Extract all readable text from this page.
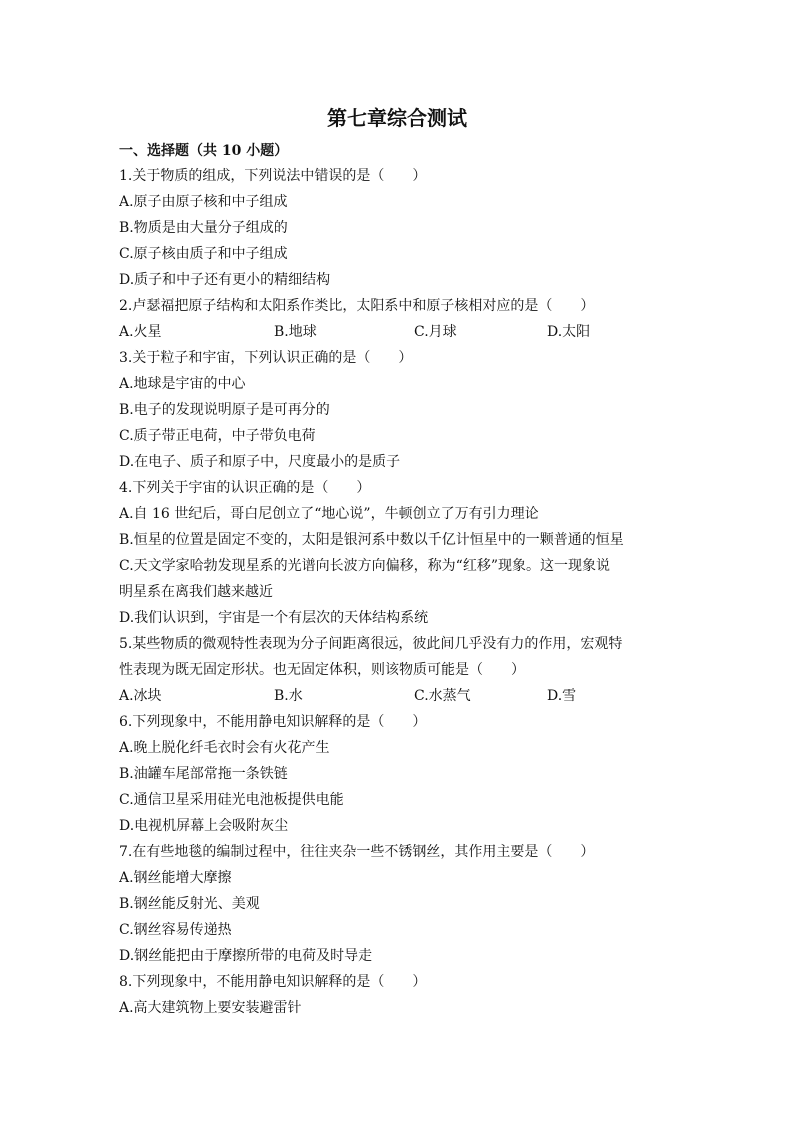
第七章综合测试
一、选择题（共 10 小题）
1.关于物质的组成，下列说法中错误的是（　　）
A.原子由原子核和中子组成
B.物质是由大量分子组成的
C.原子核由质子和中子组成
D.质子和中子还有更小的精细结构
2.卢瑟福把原子结构和太阳系作类比，太阳系中和原子核相对应的是（　　）
A.火星	B.地球	C.月球	D.太阳
3.关于粒子和宇宙，下列认识正确的是（　　）
A.地球是宇宙的中心
B.电子的发现说明原子是可再分的
C.质子带正电荷，中子带负电荷
D.在电子、质子和原子中，尺度最小的是质子
4.下列关于宇宙的认识正确的是（　　）
A.自 16 世纪后，哥白尼创立了“地心说”，牛顿创立了万有引力理论
B.恒星的位置是固定不变的，太阳是银河系中数以千亿计恒星中的一颗普通的恒星
C.天文学家哈勃发现星系的光谱向长波方向偏移，称为“红移”现象。这一现象说
明星系在离我们越来越近
D.我们认识到，宇宙是一个有层次的天体结构系统
5.某些物质的微观特性表现为分子间距离很远，彼此间几乎没有力的作用，宏观特
性表现为既无固定形状。也无固定体积，则该物质可能是（　　）
A.冰块	B.水	C.水蒸气	D.雪
6.下列现象中，不能用静电知识解释的是（　　）
A.晚上脱化纤毛衣时会有火花产生
B.油罐车尾部常拖一条铁链
C.通信卫星采用硅光电池板提供电能
D.电视机屏幕上会吸附灰尘
7.在有些地毯的编制过程中，往往夹杂一些不锈钢丝，其作用主要是（　　）
A.钢丝能增大摩擦
B.钢丝能反射光、美观
C.钢丝容易传递热
D.钢丝能把由于摩擦所带的电荷及时导走
8.下列现象中，不能用静电知识解释的是（　　）
A.高大建筑物上要安装避雷针
